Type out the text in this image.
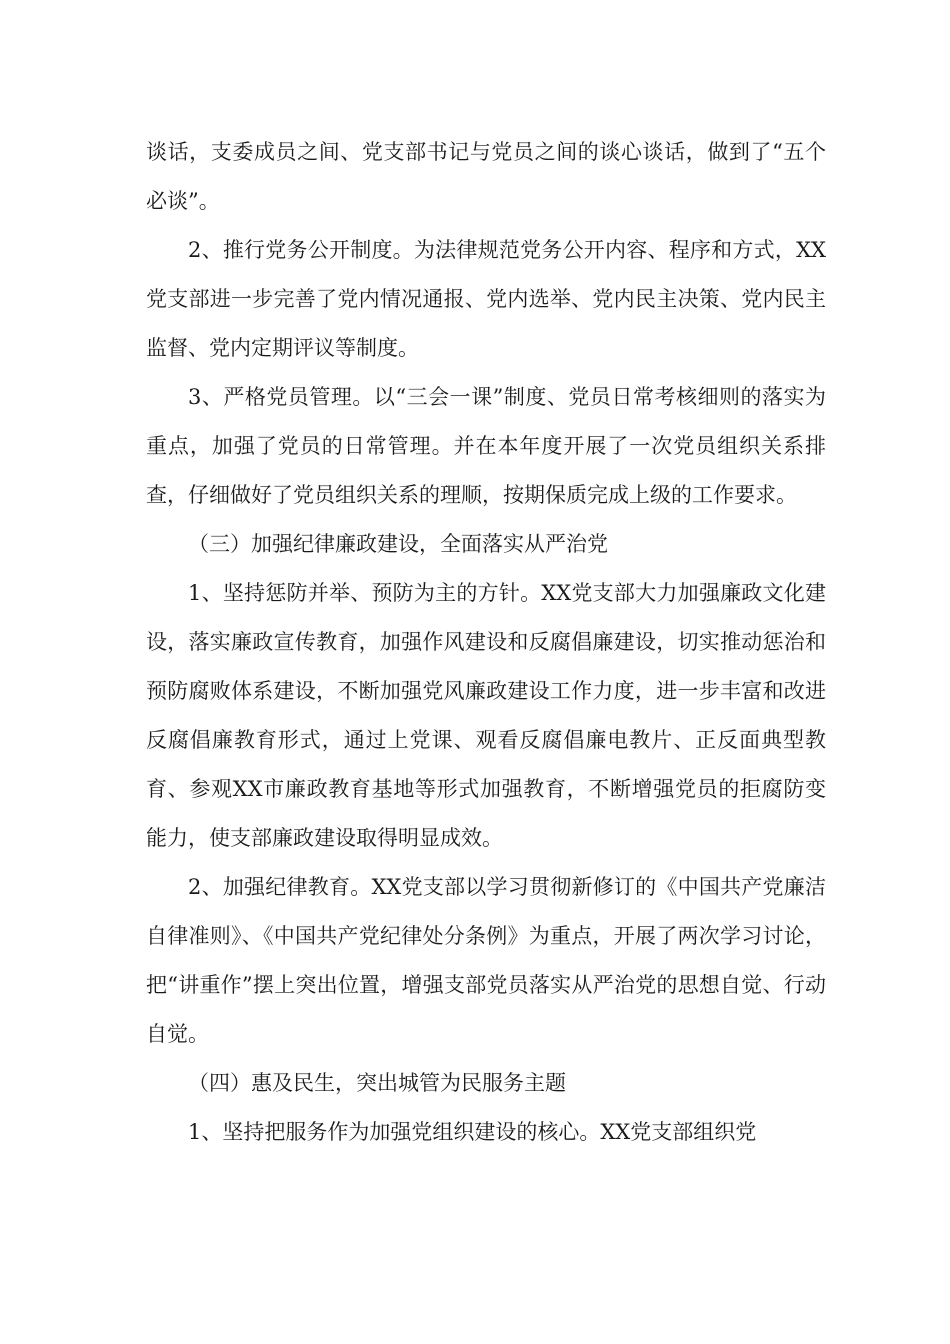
谈话，支委成员之间、党支部书记与党员之间的谈心谈话，做到了“五个必谈”。

2、推行党务公开制度。为法律规范党务公开内容、程序和方式，XX党支部进一步完善了党内情况通报、党内选举、党内民主决策、党内民主监督、党内定期评议等制度。

3、严格党员管理。以“三会一课”制度、党员日常考核细则的落实为重点，加强了党员的日常管理。并在本年度开展了一次党员组织关系排查，仔细做好了党员组织关系的理顺，按期保质完成上级的工作要求。

（三）加强纪律廉政建设，全面落实从严治党

1、坚持惩防并举、预防为主的方针。XX党支部大力加强廉政文化建设，落实廉政宣传教育，加强作风建设和反腐倡廉建设，切实推动惩治和预防腐败体系建设，不断加强党风廉政建设工作力度，进一步丰富和改进反腐倡廉教育形式，通过上党课、观看反腐倡廉电教片、正反面典型教育、参观XX市廉政教育基地等形式加强教育，不断增强党员的拒腐防变能力，使支部廉政建设取得明显成效。

2、加强纪律教育。XX党支部以学习贯彻新修订的《中国共产党廉洁自律准则》、《中国共产党纪律处分条例》为重点，开展了两次学习讨论，把“讲重作”摆上突出位置，增强支部党员落实从严治党的思想自觉、行动自觉。

（四）惠及民生，突出城管为民服务主题

1、坚持把服务作为加强党组织建设的核心。XX党支部组织党
